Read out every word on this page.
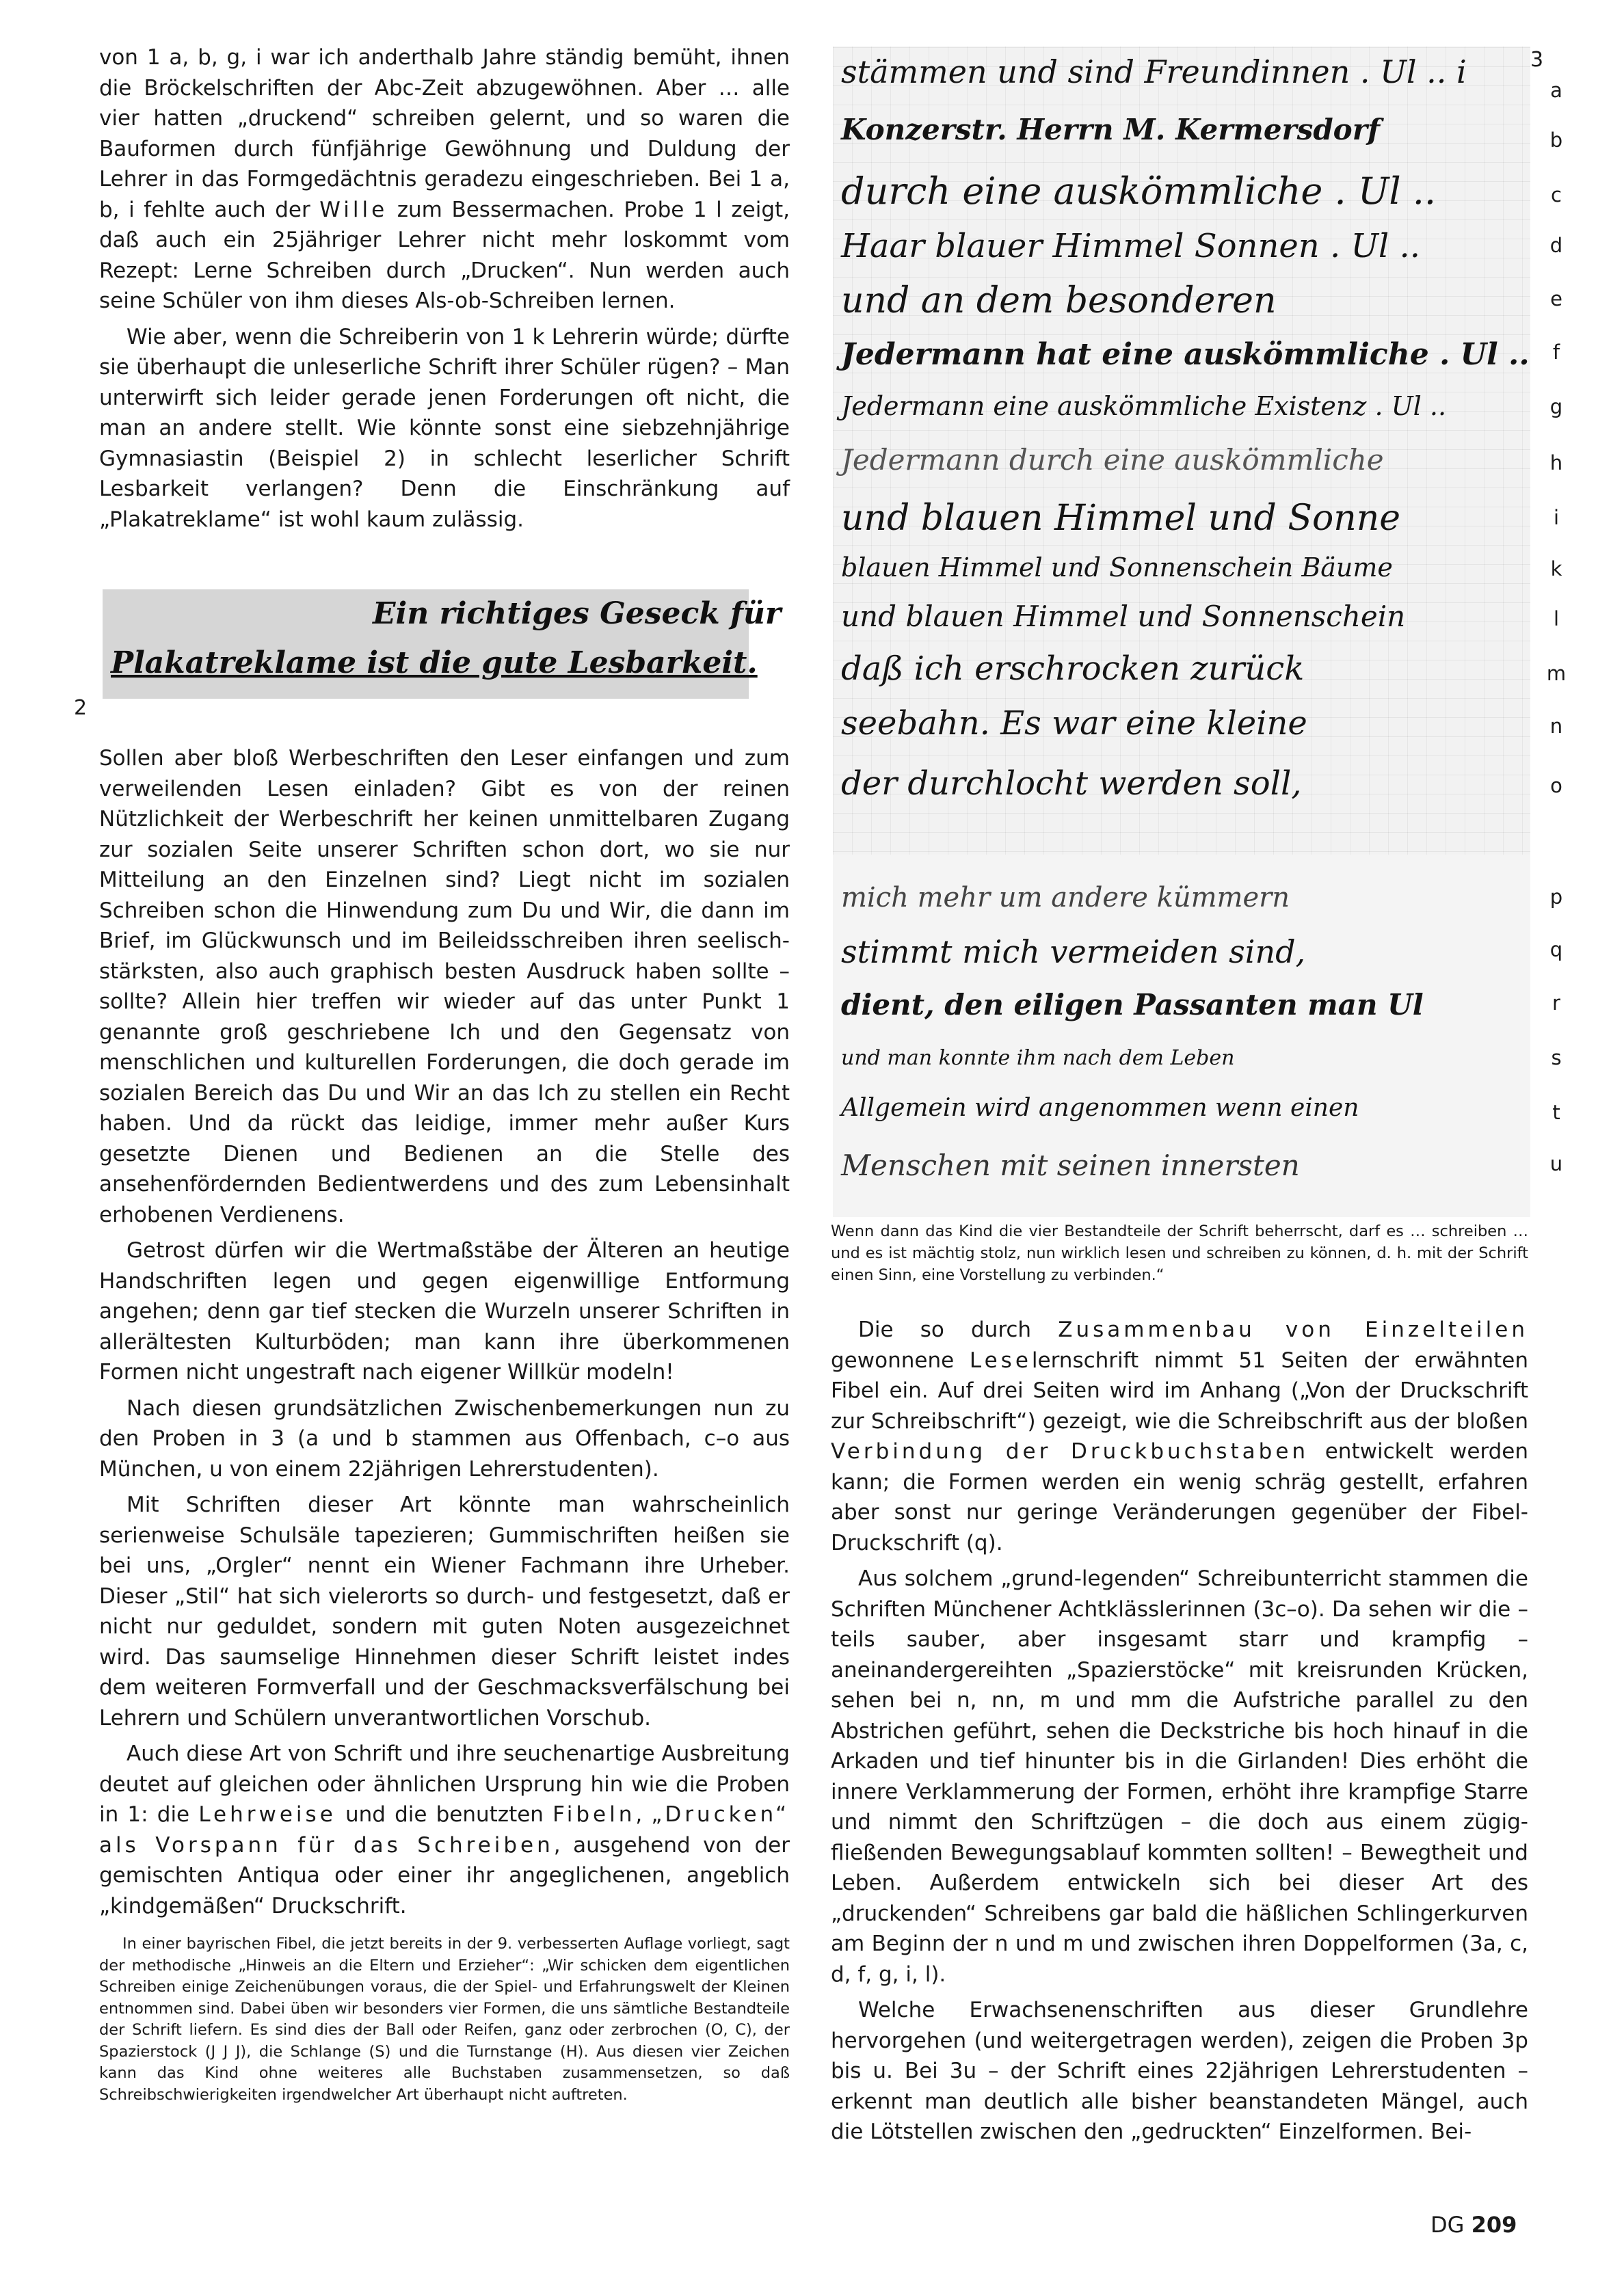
von 1 a, b, g, i war ich anderthalb Jahre ständig bemüht, ihnen die Bröckelschriften der Abc-Zeit abzugewöhnen. Aber … alle vier hatten „druckend“ schreiben gelernt, und so waren die Bauformen durch fünfjährige Gewöhnung und Duldung der Lehrer in das Formgedächtnis geradezu eingeschrieben. Bei 1 a, b, i fehlte auch der Wille zum Bessermachen. Probe 1 l zeigt, daß auch ein 25jähriger Lehrer nicht mehr loskommt vom Rezept: Lerne Schreiben durch „Drucken“. Nun werden auch seine Schüler von ihm dieses Als-ob-Schreiben lernen.

Wie aber, wenn die Schreiberin von 1 k Lehrerin würde; dürfte sie überhaupt die unleserliche Schrift ihrer Schüler rügen? – Man unterwirft sich leider gerade jenen Forderungen oft nicht, die man an andere stellt. Wie könnte sonst eine siebzehnjährige Gymnasiastin (Beispiel 2) in schlecht leserlicher Schrift Lesbarkeit verlangen? Denn die Einschränkung auf „Plakatreklame“ ist wohl kaum zulässig.

Ein richtiges Geseck für
Plakatreklame ist die gute Lesbarkeit.
2

Sollen aber bloß Werbeschriften den Leser einfangen und zum verweilenden Lesen einladen? Gibt es von der reinen Nützlichkeit der Werbeschrift her keinen unmittelbaren Zugang zur sozialen Seite unserer Schriften schon dort, wo sie nur Mitteilung an den Einzelnen sind? Liegt nicht im sozialen Schreiben schon die Hinwendung zum Du und Wir, die dann im Brief, im Glückwunsch und im Beileidsschreiben ihren seelisch-stärksten, also auch graphisch besten Ausdruck haben sollte – sollte? Allein hier treffen wir wieder auf das unter Punkt 1 genannte groß geschriebene Ich und den Gegensatz von menschlichen und kulturellen Forderungen, die doch gerade im sozialen Bereich das Du und Wir an das Ich zu stellen ein Recht haben. Und da rückt das leidige, immer mehr außer Kurs gesetzte Dienen und Bedienen an die Stelle des ansehenfördernden Bedientwerdens und des zum Lebensinhalt erhobenen Verdienens.

Getrost dürfen wir die Wertmaßstäbe der Älteren an heutige Handschriften legen und gegen eigenwillige Entformung angehen; denn gar tief stecken die Wurzeln unserer Schriften in allerältesten Kulturböden; man kann ihre überkommenen Formen nicht ungestraft nach eigener Willkür modeln!

Nach diesen grundsätzlichen Zwischenbemerkungen nun zu den Proben in 3 (a und b stammen aus Offenbach, c–o aus München, u von einem 22jährigen Lehrerstudenten).

Mit Schriften dieser Art könnte man wahrscheinlich serienweise Schulsäle tapezieren; Gummischriften heißen sie bei uns, „Orgler“ nennt ein Wiener Fachmann ihre Urheber. Dieser „Stil“ hat sich vielerorts so durch- und festgesetzt, daß er nicht nur geduldet, sondern mit guten Noten ausgezeichnet wird. Das saumselige Hinnehmen dieser Schrift leistet indes dem weiteren Formverfall und der Geschmacksverfälschung bei Lehrern und Schülern unverantwortlichen Vorschub.

Auch diese Art von Schrift und ihre seuchenartige Ausbreitung deutet auf gleichen oder ähnlichen Ursprung hin wie die Proben in 1: die Lehrweise und die benutzten Fibeln, „Drucken“ als Vorspann für das Schreiben, ausgehend von der gemischten Antiqua oder einer ihr angeglichenen, angeblich „kindgemäßen“ Druckschrift.

In einer bayrischen Fibel, die jetzt bereits in der 9. verbesserten Auflage vorliegt, sagt der methodische „Hinweis an die Eltern und Erzieher“: „Wir schicken dem eigentlichen Schreiben einige Zeichenübungen voraus, die der Spiel- und Erfahrungswelt der Kleinen entnommen sind. Dabei üben wir besonders vier Formen, die uns sämtliche Bestandteile der Schrift liefern. Es sind dies der Ball oder Reifen, ganz oder zerbrochen (O, C), der Spazierstock (J J J), die Schlange (S) und die Turnstange (H). Aus diesen vier Zeichen kann das Kind ohne weiteres alle Buchstaben zusammensetzen, so daß Schreibschwierigkeiten irgendwelcher Art überhaupt nicht auftreten.

3
stämmen und sind Freundinnen . Ul .. i	a
Konzerstr. Herrn M. Kermersdorf	b
durch eine auskömmliche . Ul ..	c
Haar blauer Himmel Sonnen . Ul ..	d
und an dem besonderen	e
Jedermann hat eine auskömmliche . Ul ..	f
Jedermann eine auskömmliche Existenz . Ul ..	g
Jedermann durch eine auskömmliche	h
und blauen Himmel und Sonne	i
blauen Himmel und Sonnenschein Bäume	k
und blauen Himmel und Sonnenschein	l
daß ich erschrocken zurück	m
seebahn. Es war eine kleine	n
der durchlocht werden soll,	o
mich mehr um andere kümmern	p
stimmt mich vermeiden sind,	q
dient, den eiligen Passanten man Ul	r
und man konnte ihm nach dem Leben	s
Allgemein wird angenommen wenn einen	t
Menschen mit seinen innersten	u

Wenn dann das Kind die vier Bestandteile der Schrift beherrscht, darf es … schreiben … und es ist mächtig stolz, nun wirklich lesen und schreiben zu können, d. h. mit der Schrift einen Sinn, eine Vorstellung zu verbinden.“

Die so durch Zusammenbau von Einzelteilen gewonnene Leselernschrift nimmt 51 Seiten der erwähnten Fibel ein. Auf drei Seiten wird im Anhang („Von der Druckschrift zur Schreibschrift“) gezeigt, wie die Schreibschrift aus der bloßen Verbindung der Druckbuchstaben entwickelt werden kann; die Formen werden ein wenig schräg gestellt, erfahren aber sonst nur geringe Veränderungen gegenüber der Fibel-Druckschrift (q).

Aus solchem „grund-legenden“ Schreibunterricht stammen die Schriften Münchener Achtklässlerinnen (3c–o). Da sehen wir die – teils sauber, aber insgesamt starr und krampfig – aneinandergereihten „Spazierstöcke“ mit kreisrunden Krücken, sehen bei n, nn, m und mm die Aufstriche parallel zu den Abstrichen geführt, sehen die Deckstriche bis hoch hinauf in die Arkaden und tief hinunter bis in die Girlanden! Dies erhöht die innere Verklammerung der Formen, erhöht ihre krampfige Starre und nimmt den Schriftzügen – die doch aus einem zügig-fließenden Bewegungsablauf kommten sollten! – Bewegtheit und Leben. Außerdem entwickeln sich bei dieser Art des „druckenden“ Schreibens gar bald die häßlichen Schlingerkurven am Beginn der n und m und zwischen ihren Doppelformen (3a, c, d, f, g, i, l).

Welche Erwachsenenschriften aus dieser Grundlehre hervorgehen (und weitergetragen werden), zeigen die Proben 3p bis u. Bei 3u – der Schrift eines 22jährigen Lehrerstudenten – erkennt man deutlich alle bisher beanstandeten Mängel, auch die Lötstellen zwischen den „gedruckten“ Einzelformen. Bei-

DG 209
